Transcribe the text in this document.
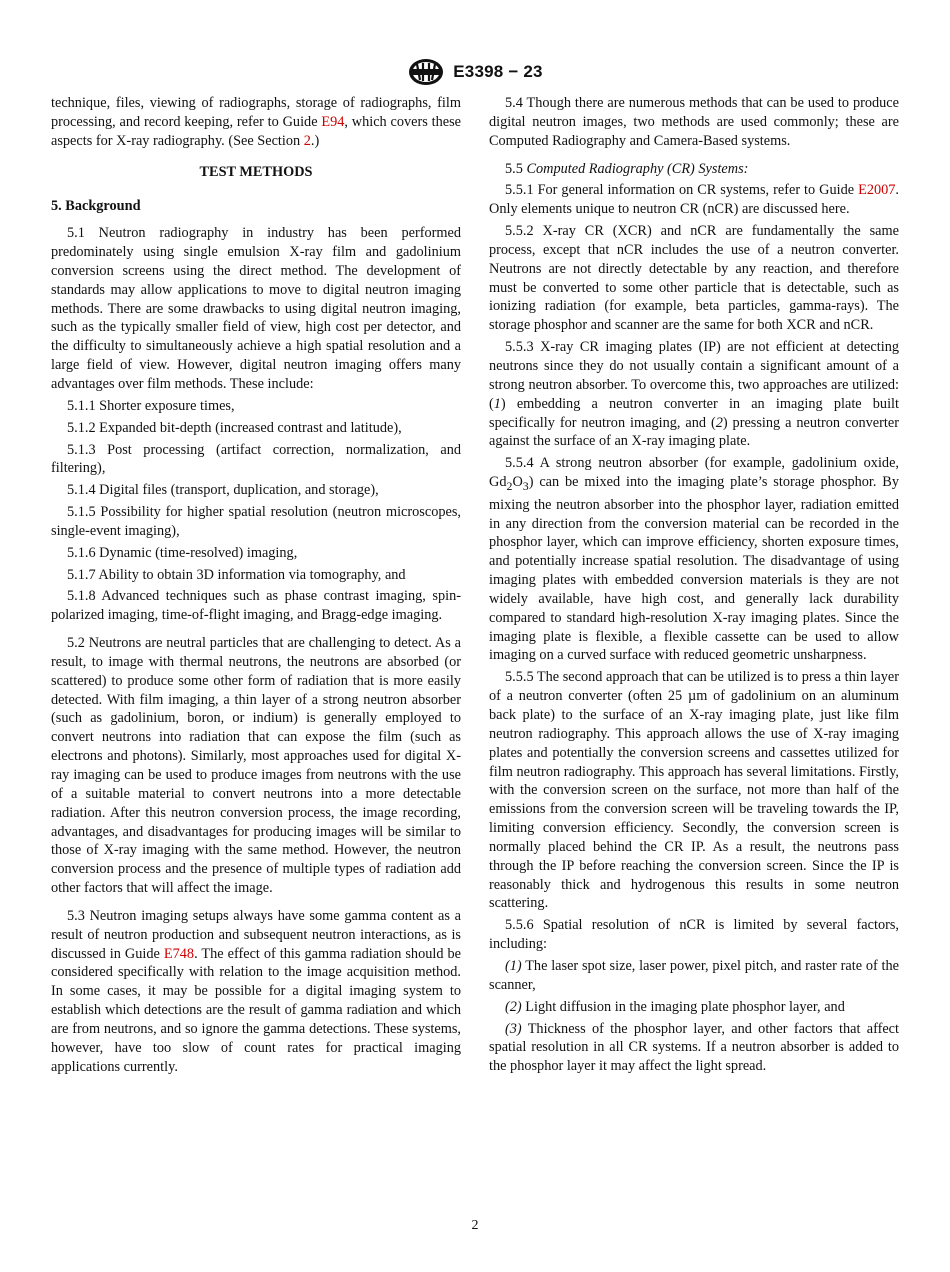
E3398 − 23

technique, files, viewing of radiographs, storage of radiographs, film processing, and record keeping, refer to Guide E94, which covers these aspects for X-ray radiography. (See Section 2.)

TEST METHODS
5. Background

5.1 Neutron radiography in industry has been performed predominately using single emulsion X-ray film and gadolinium conversion screens using the direct method. The development of standards may allow applications to move to digital neutron imaging methods. There are some drawbacks to using digital neutron imaging, such as the typically smaller field of view, high cost per detector, and the difficulty to simultaneously achieve a high spatial resolution and a large field of view. However, digital neutron imaging offers many advantages over film methods. These include:

5.1.1 Shorter exposure times,

5.1.2 Expanded bit-depth (increased contrast and latitude),

5.1.3 Post processing (artifact correction, normalization, and filtering),

5.1.4 Digital files (transport, duplication, and storage),

5.1.5 Possibility for higher spatial resolution (neutron microscopes, single-event imaging),

5.1.6 Dynamic (time-resolved) imaging,

5.1.7 Ability to obtain 3D information via tomography, and

5.1.8 Advanced techniques such as phase contrast imaging, spin-polarized imaging, time-of-flight imaging, and Bragg-edge imaging.

5.2 Neutrons are neutral particles that are challenging to detect. As a result, to image with thermal neutrons, the neutrons are absorbed (or scattered) to produce some other form of radiation that is more easily detected. With film imaging, a thin layer of a strong neutron absorber (such as gadolinium, boron, or indium) is generally employed to convert neutrons into radiation that can expose the film (such as electrons and photons). Similarly, most approaches used for digital X-ray imaging can be used to produce images from neutrons with the use of a suitable material to convert neutrons into a more detectable radiation. After this neutron conversion process, the image recording, advantages, and disadvantages for producing images will be similar to those of X-ray imaging with the same method. However, the neutron conversion process and the presence of multiple types of radiation add other factors that will affect the image.

5.3 Neutron imaging setups always have some gamma content as a result of neutron production and subsequent neutron interactions, as is discussed in Guide E748. The effect of this gamma radiation should be considered specifically with relation to the image acquisition method. In some cases, it may be possible for a digital imaging system to establish which detections are the result of gamma radiation and which are from neutrons, and so ignore the gamma detections. These systems, however, have too slow of count rates for practical imaging applications currently.

5.4 Though there are numerous methods that can be used to produce digital neutron images, two methods are used commonly; these are Computed Radiography and Camera-Based systems.

5.5 Computed Radiography (CR) Systems:

5.5.1 For general information on CR systems, refer to Guide E2007. Only elements unique to neutron CR (nCR) are discussed here.

5.5.2 X-ray CR (XCR) and nCR are fundamentally the same process, except that nCR includes the use of a neutron converter. Neutrons are not directly detectable by any reaction, and therefore must be converted to some other particle that is detectable, such as ionizing radiation (for example, beta particles, gamma-rays). The storage phosphor and scanner are the same for both XCR and nCR.

5.5.3 X-ray CR imaging plates (IP) are not efficient at detecting neutrons since they do not usually contain a significant amount of a strong neutron absorber. To overcome this, two approaches are utilized: (1) embedding a neutron converter in an imaging plate built specifically for neutron imaging, and (2) pressing a neutron converter against the surface of an X-ray imaging plate.

5.5.4 A strong neutron absorber (for example, gadolinium oxide, $Gd_2O_3$) can be mixed into the imaging plate’s storage phosphor. By mixing the neutron absorber into the phosphor layer, radiation emitted in any direction from the conversion material can be recorded in the phosphor layer, which can improve efficiency, shorten exposure times, and potentially increase spatial resolution. The disadvantage of using imaging plates with embedded conversion materials is they are not widely available, have high cost, and generally lack durability compared to standard high-resolution X-ray imaging plates. Since the imaging plate is flexible, a flexible cassette can be used to allow imaging on a curved surface with reduced geometric unsharpness.

5.5.5 The second approach that can be utilized is to press a thin layer of a neutron converter (often 25 µm of gadolinium on an aluminum back plate) to the surface of an X-ray imaging plate, just like film neutron radiography. This approach allows the use of X-ray imaging plates and potentially the conversion screens and cassettes utilized for film neutron radiography. This approach has several limitations. Firstly, with the conversion screen on the surface, not more than half of the emissions from the conversion screen will be traveling towards the IP, limiting conversion efficiency. Secondly, the conversion screen is normally placed behind the CR IP. As a result, the neutrons pass through the IP before reaching the conversion screen. Since the IP is reasonably thick and hydrogenous this results in some neutron scattering.

5.5.6 Spatial resolution of nCR is limited by several factors, including:

(1) The laser spot size, laser power, pixel pitch, and raster rate of the scanner,

(2) Light diffusion in the imaging plate phosphor layer, and

(3) Thickness of the phosphor layer, and other factors that affect spatial resolution in all CR systems. If a neutron absorber is added to the phosphor layer it may affect the light spread.

2
